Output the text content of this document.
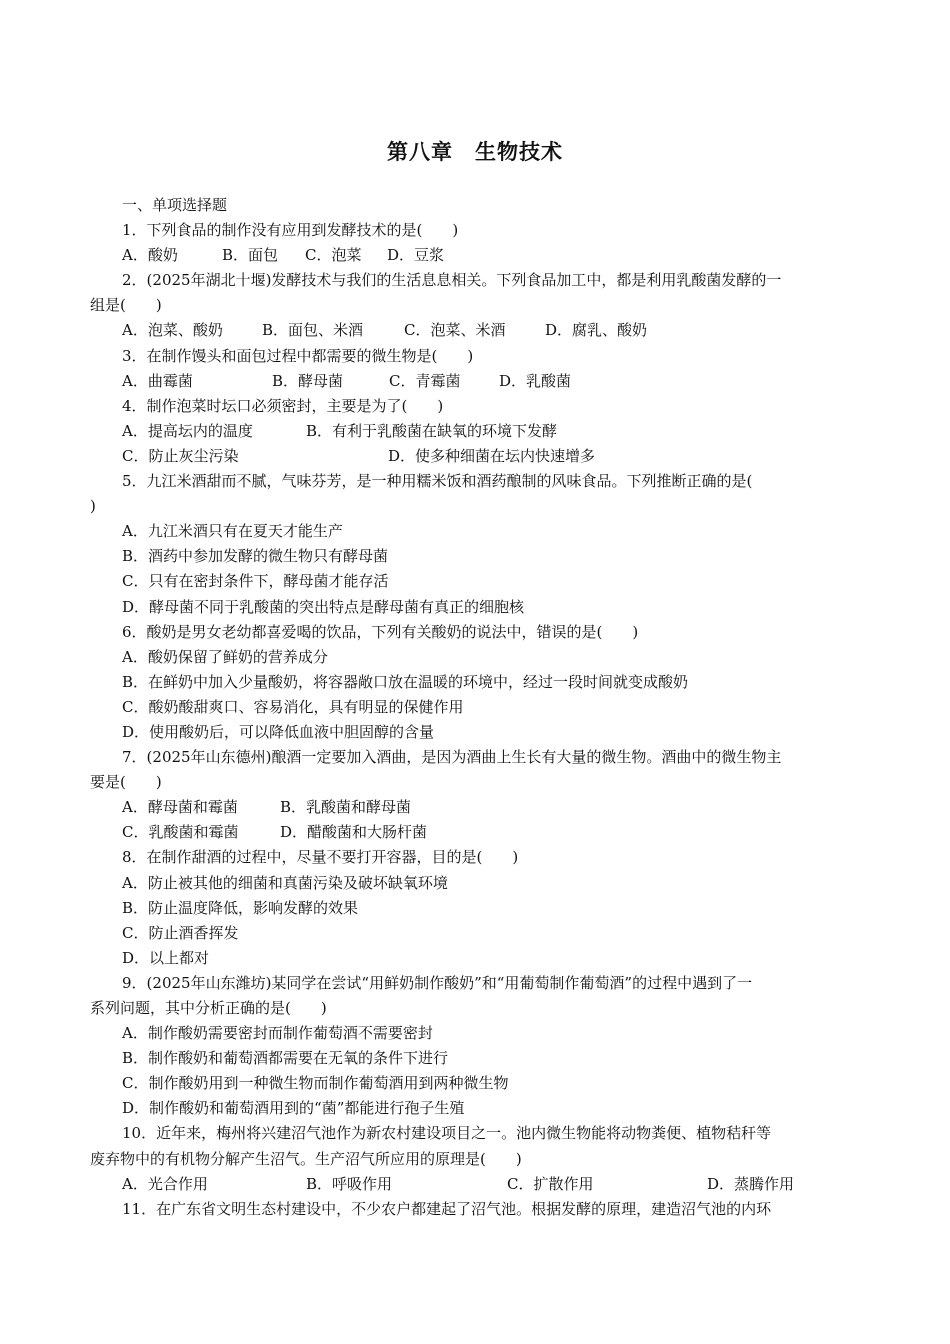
第八章　生物技术
一、单项选择题
1．下列食品的制作没有应用到发酵技术的是(　　)
A．酸奶	B．面包	C．泡菜	D．豆浆
2．(2025年湖北十堰)发酵技术与我们的生活息息相关。下列食品加工中，都是利用乳酸菌发酵的一
组是(　　)
A．泡菜、酸奶	B．面包、米酒	C．泡菜、米酒	D．腐乳、酸奶
3．在制作馒头和面包过程中都需要的微生物是(　　)
A．曲霉菌	B．酵母菌	C．青霉菌	D．乳酸菌
4．制作泡菜时坛口必须密封，主要是为了(　　)
A．提高坛内的温度	B．有利于乳酸菌在缺氧的环境下发酵
C．防止灰尘污染	D．使多种细菌在坛内快速增多
5．九江米酒甜而不腻，气味芬芳，是一种用糯米饭和酒药酿制的风味食品。下列推断正确的是(
)
A．九江米酒只有在夏天才能生产
B．酒药中参加发酵的微生物只有酵母菌
C．只有在密封条件下，酵母菌才能存活
D．酵母菌不同于乳酸菌的突出特点是酵母菌有真正的细胞核
6．酸奶是男女老幼都喜爱喝的饮品，下列有关酸奶的说法中，错误的是(　　)
A．酸奶保留了鲜奶的营养成分
B．在鲜奶中加入少量酸奶，将容器敞口放在温暖的环境中，经过一段时间就变成酸奶
C．酸奶酸甜爽口、容易消化，具有明显的保健作用
D．使用酸奶后，可以降低血液中胆固醇的含量
7．(2025年山东德州)酿酒一定要加入酒曲，是因为酒曲上生长有大量的微生物。酒曲中的微生物主
要是(　　)
A．酵母菌和霉菌	B．乳酸菌和酵母菌
C．乳酸菌和霉菌	D．醋酸菌和大肠杆菌
8．在制作甜酒的过程中，尽量不要打开容器，目的是(　　)
A．防止被其他的细菌和真菌污染及破坏缺氧环境
B．防止温度降低，影响发酵的效果
C．防止酒香挥发
D．以上都对
9．(2025年山东潍坊)某同学在尝试“用鲜奶制作酸奶”和“用葡萄制作葡萄酒”的过程中遇到了一
系列问题，其中分析正确的是(　　)
A．制作酸奶需要密封而制作葡萄酒不需要密封
B．制作酸奶和葡萄酒都需要在无氧的条件下进行
C．制作酸奶用到一种微生物而制作葡萄酒用到两种微生物
D．制作酸奶和葡萄酒用到的“菌”都能进行孢子生殖
10．近年来，梅州将兴建沼气池作为新农村建设项目之一。池内微生物能将动物粪便、植物秸秆等
废弃物中的有机物分解产生沼气。生产沼气所应用的原理是(　　)
A．光合作用	B．呼吸作用	C．扩散作用	D．蒸腾作用
11．在广东省文明生态村建设中，不少农户都建起了沼气池。根据发酵的原理，建造沼气池的内环
